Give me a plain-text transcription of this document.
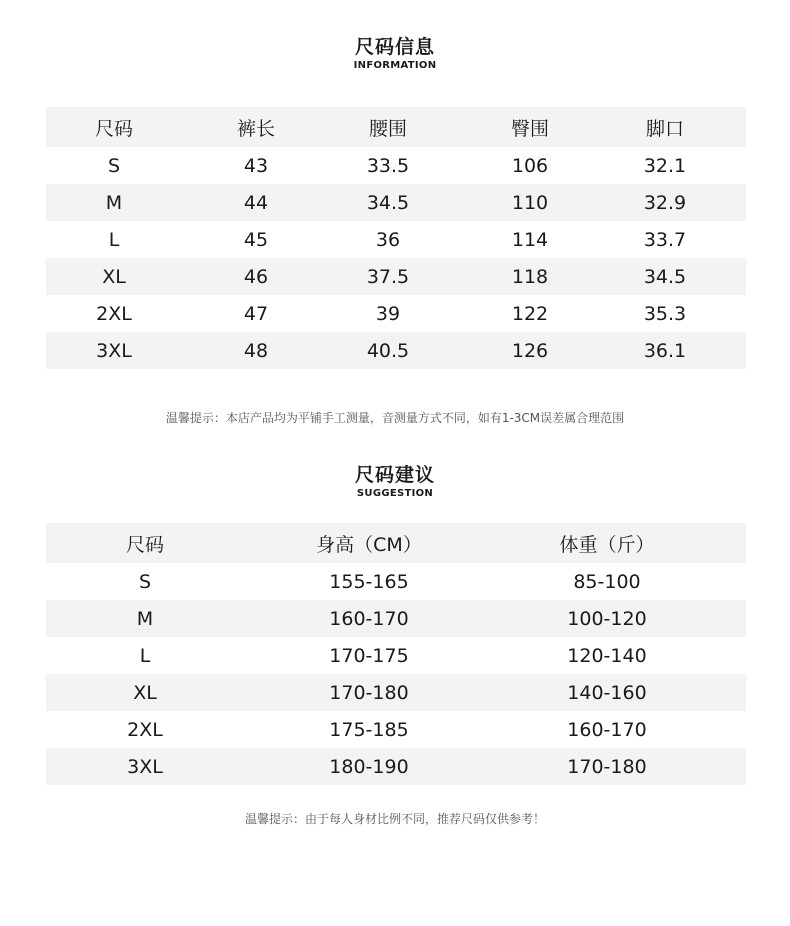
尺码信息
INFORMATION
尺码	裤长	腰围	臀围	脚口
S	43	33.5	106	32.1
M	44	34.5	110	32.9
L	45	36	114	33.7
XL	46	37.5	118	34.5
2XL	47	39	122	35.3
3XL	48	40.5	126	36.1
温馨提示：本店产品均为平铺手工测量，音测量方式不同，如有1-3CM误差属合理范围
尺码建议
SUGGESTION
尺码	身高（CM）	体重（斤）
S	155-165	85-100
M	160-170	100-120
L	170-175	120-140
XL	170-180	140-160
2XL	175-185	160-170
3XL	180-190	170-180
温馨提示：由于每人身材比例不同，推荐尺码仅供参考！
